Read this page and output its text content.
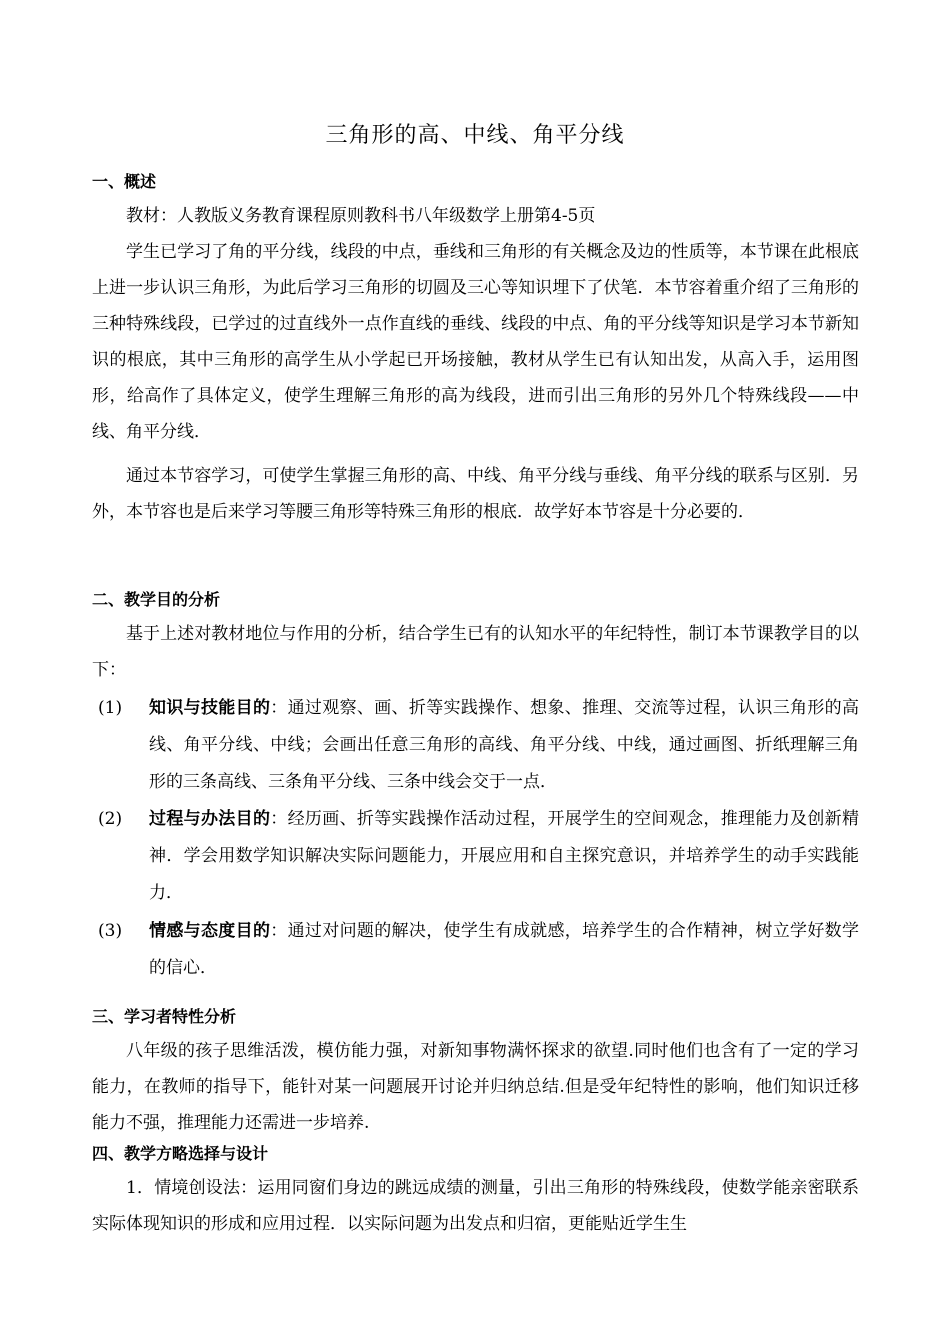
三角形的高、中线、角平分线
一、概述

教材：人教版义务教育课程原则教科书八年级数学上册第4-5页

学生已学习了角的平分线，线段的中点，垂线和三角形的有关概念及边的性质等，本节课在此根底上进一步认识三角形，为此后学习三角形的切圆及三心等知识埋下了伏笔．本节容着重介绍了三角形的三种特殊线段，已学过的过直线外一点作直线的垂线、线段的中点、角的平分线等知识是学习本节新知识的根底，其中三角形的高学生从小学起已开场接触，教材从学生已有认知出发，从高入手，运用图形，给高作了具体定义，使学生理解三角形的高为线段，进而引出三角形的另外几个特殊线段——中线、角平分线．

通过本节容学习，可使学生掌握三角形的高、中线、角平分线与垂线、角平分线的联系与区别．另外，本节容也是后来学习等腰三角形等特殊三角形的根底．故学好本节容是十分必要的．

二、教学目的分析

基于上述对教材地位与作用的分析，结合学生已有的认知水平的年纪特性，制订本节课教学目的以下：

(1)	知识与技能目的：通过观察、画、折等实践操作、想象、推理、交流等过程，认识三角形的高 线、角平分线、中线；会画出任意三角形的高线、角平分线、中线，通过画图、折纸理解三角形的三条高线、三条角平分线、三条中线会交于一点．
(2)	过程与办法目的：经历画、折等实践操作活动过程，开展学生的空间观念，推理能力及创新精神．学会用数学知识解决实际问题能力，开展应用和自主探究意识，并培养学生的动手实践能力．
(3)	情感与态度目的：通过对问题的解决，使学生有成就感，培养学生的合作精神，树立学好数学的信心．
三、学习者特性分析

八年级的孩子思维活泼，模仿能力强，对新知事物满怀探求的欲望.同时他们也含有了一定的学习能力，在教师的指导下，能针对某一问题展开讨论并归纳总结.但是受年纪特性的影响，他们知识迁移能力不强，推理能力还需进一步培养.

四、教学方略选择与设计

1．情境创设法：运用同窗们身边的跳远成绩的测量，引出三角形的特殊线段，使数学能亲密联系实际体现知识的形成和应用过程．以实际问题为出发点和归宿，更能贴近学生生
